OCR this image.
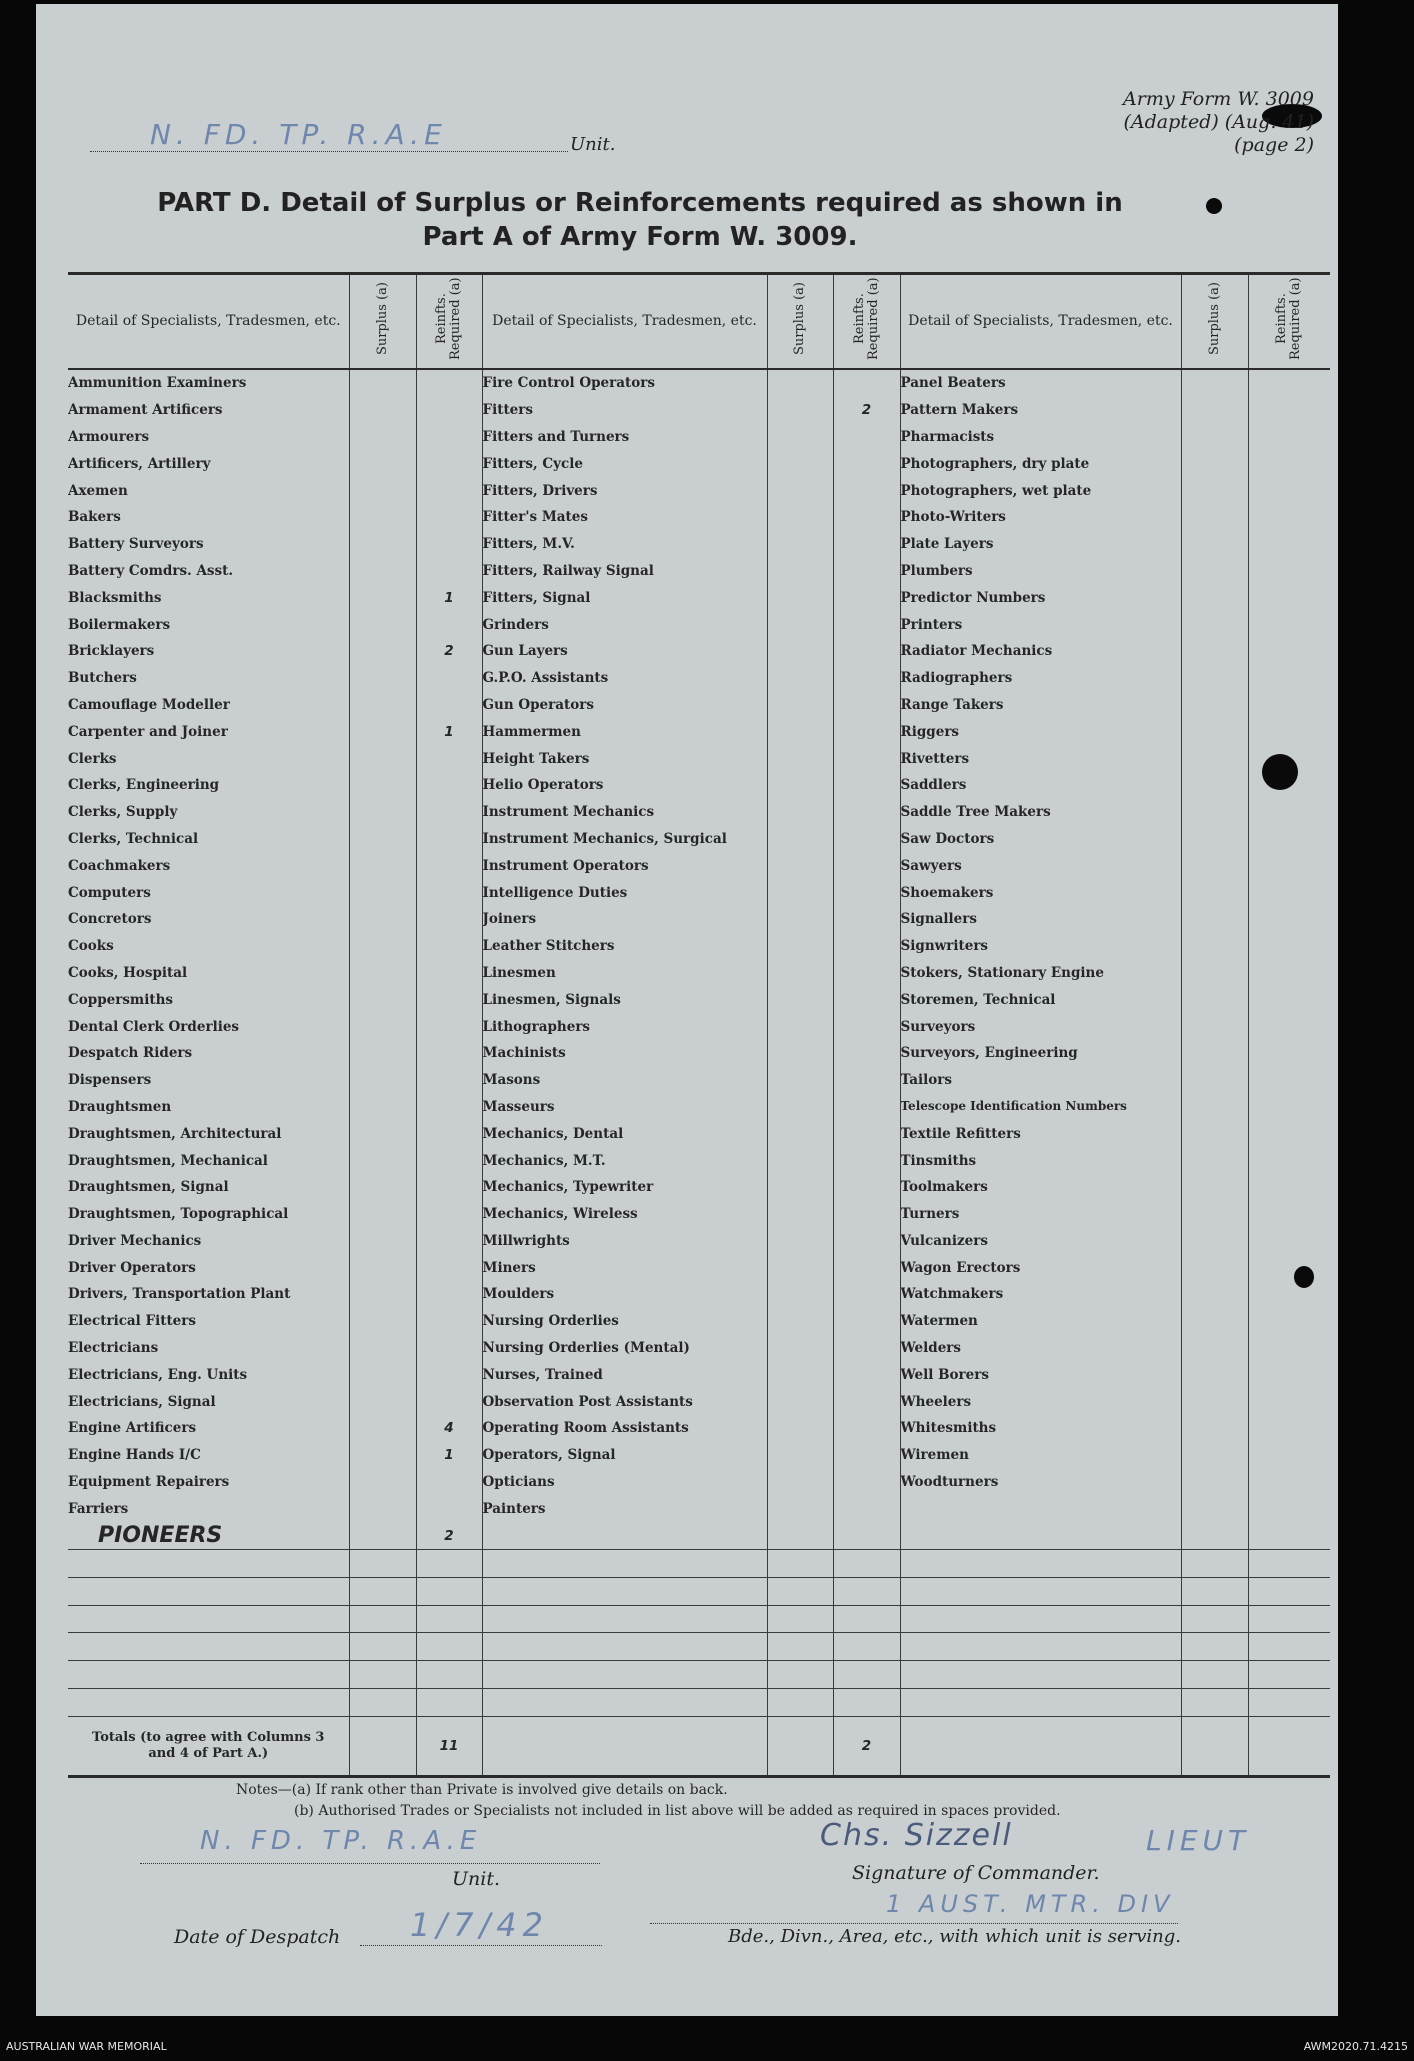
Army Form W. 3009
(Adapted) (Aug. 41)
(page 2)
N. FD. TP. R.A.E	Unit.
PART D. Detail of Surplus or Reinforcements required as shown in
Part A of Army Form W. 3009.
Detail of Specialists, Tradesmen, etc.	Surplus (a)	Reinfts. Required (a)	Detail of Specialists, Tradesmen, etc.	Surplus (a)	Reinfts. Required (a)	Detail of Specialists, Tradesmen, etc.	Surplus (a)	Reinfts. Required (a)
Ammunition Examiners			Fire Control Operators			Panel Beaters		
Armament Artificers			Fitters		2	Pattern Makers		
Armourers			Fitters and Turners			Pharmacists		
Artificers, Artillery			Fitters, Cycle			Photographers, dry plate		
Axemen			Fitters, Drivers			Photographers, wet plate		
Bakers			Fitter's Mates			Photo-Writers		
Battery Surveyors			Fitters, M.V.			Plate Layers		
Battery Comdrs. Asst.			Fitters, Railway Signal			Plumbers		
Blacksmiths		1	Fitters, Signal			Predictor Numbers		
Boilermakers			Grinders			Printers		
Bricklayers		2	Gun Layers			Radiator Mechanics		
Butchers			G.P.O. Assistants			Radiographers		
Camouflage Modeller			Gun Operators			Range Takers		
Carpenter and Joiner		1	Hammermen			Riggers		
Clerks			Height Takers			Rivetters		
Clerks, Engineering			Helio Operators			Saddlers		
Clerks, Supply			Instrument Mechanics			Saddle Tree Makers		
Clerks, Technical			Instrument Mechanics, Surgical			Saw Doctors		
Coachmakers			Instrument Operators			Sawyers		
Computers			Intelligence Duties			Shoemakers		
Concretors			Joiners			Signallers		
Cooks			Leather Stitchers			Signwriters		
Cooks, Hospital			Linesmen			Stokers, Stationary Engine		
Coppersmiths			Linesmen, Signals			Storemen, Technical		
Dental Clerk Orderlies			Lithographers			Surveyors		
Despatch Riders			Machinists			Surveyors, Engineering		
Dispensers			Masons			Tailors		
Draughtsmen			Masseurs			Telescope Identification Numbers		
Draughtsmen, Architectural			Mechanics, Dental			Textile Refitters		
Draughtsmen, Mechanical			Mechanics, M.T.			Tinsmiths		
Draughtsmen, Signal			Mechanics, Typewriter			Toolmakers		
Draughtsmen, Topographical			Mechanics, Wireless			Turners		
Driver Mechanics			Millwrights			Vulcanizers		
Driver Operators			Miners			Wagon Erectors		
Drivers, Transportation Plant			Moulders			Watchmakers		
Electrical Fitters			Nursing Orderlies			Watermen		
Electricians			Nursing Orderlies (Mental)			Welders		
Electricians, Eng. Units			Nurses, Trained			Well Borers		
Electricians, Signal			Observation Post Assistants			Wheelers		
Engine Artificers		4	Operating Room Assistants			Whitesmiths		
Engine Hands I/C		1	Operators, Signal			Wiremen		
Equipment Repairers			Opticians			Woodturners		
Farriers			Painters					
PIONEERS		2						

Totals (to agree with Columns 3 and 4 of Part A.)		11			2			
Notes—(a) If rank other than Private is involved give details on back.
(b) Authorised Trades or Specialists not included in list above will be added as required in spaces provided.
N. FD. TP. R.A.E
Unit.
Chs. Sizzell	LIEUT
Signature of Commander.
1 AUST. MTR. DIV
Bde., Divn., Area, etc., with which unit is serving.
Date of Despatch 1/7/42
AUSTRALIAN WAR MEMORIAL	AWM2020.71.4215
